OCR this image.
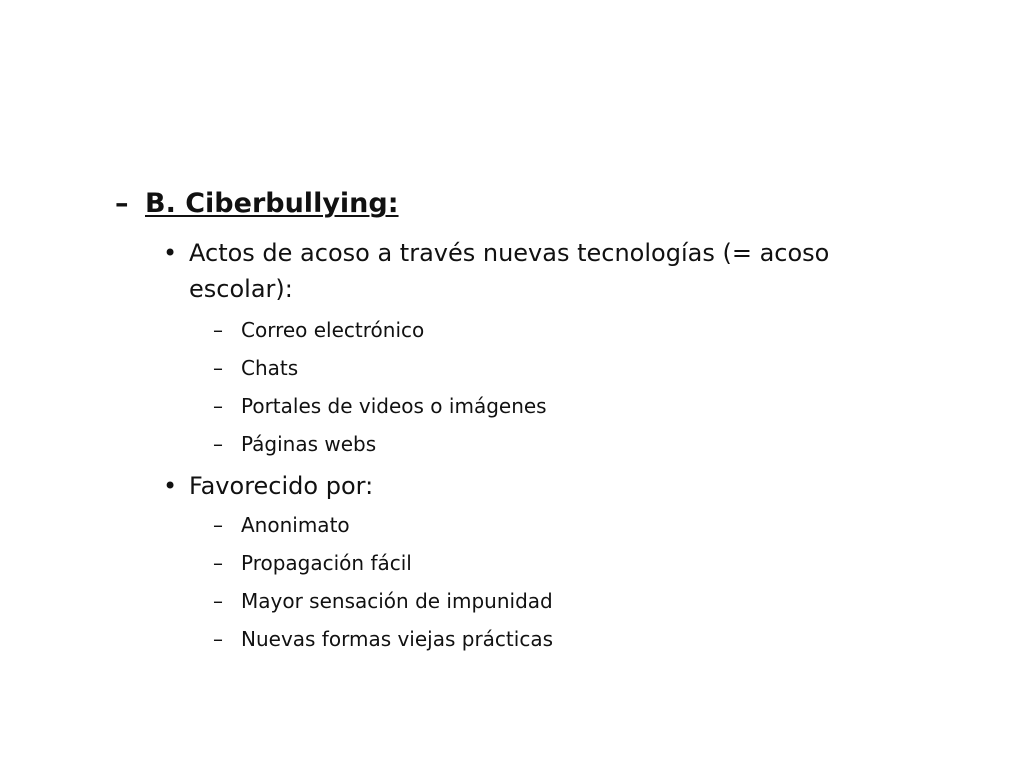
– B. Ciberbullying:
• Actos de acoso a través nuevas tecnologías (= acoso
escolar):
– Correo electrónico
– Chats
– Portales de videos o imágenes
– Páginas webs
• Favorecido por:
– Anonimato
– Propagación fácil
– Mayor sensación de impunidad
– Nuevas formas viejas prácticas
